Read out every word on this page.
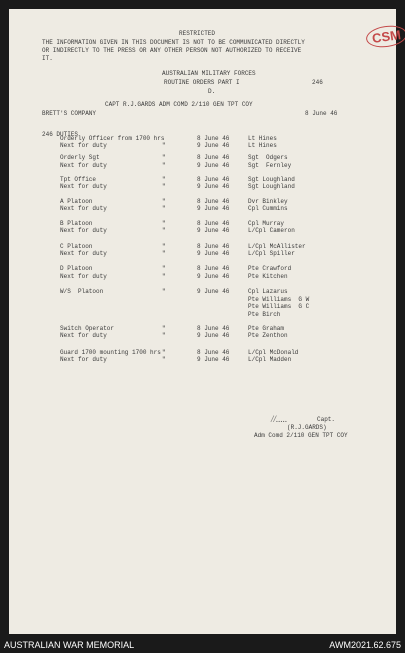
RESTRICTED
THE INFORMATION GIVEN IN THIS DOCUMENT IS NOT TO BE COMMUNICATED DIRECTLY
OR INDIRECTLY TO THE PRESS OR ANY OTHER PERSON NOT AUTHORIZED TO RECEIVE
IT.
CSM
AUSTRALIAN MILITARY FORCES
ROUTINE ORDERS PART I	246
D.
CAPT R.J.GARDS ADM COMD 2/110 GEN TPT COY
BRETT'S COMPANY	8 June 46
246 DUTIES
Orderly Officer from 1700 hrs	8 June 46	Lt Hines
Next for duty	"	9 June 46	Lt Hines
Orderly Sgt	"	8 June 46	Sgt  Odgers
Next for duty	"	9 June 46	Sgt  Fernley
Tpt Office	"	8 June 46	Sgt Loughland
Next for duty	"	9 June 46	Sgt Loughland
A Platoon	"	8 June 46	Dvr Binkley
Next for duty	"	9 June 46	Cpl Cummins
B Platoon	"	8 June 46	Cpl Murray
Next for duty	"	9 June 46	L/Cpl Cameron
C Platoon	"	8 June 46	L/Cpl McAllister
Next for duty	"	9 June 46	L/Cpl Spiller
D Platoon	"	8 June 46	Pte Crawford
Next for duty	"	9 June 46	Pte Kitchen
W/S  Platoon	"	9 June 46	Cpl Lazarus
Pte Williams  G W
Pte Williams  G C
Pte Birch
Switch Operator	"	8 June 46	Pte Graham
Next for duty	"	9 June 46	Pte Zenthon
Guard 1700 mounting 1700 hrs "	8 June 46	L/Cpl McDonald
Next for duty	"	9 June 46	L/Cpl Madden
//.....	Capt.
(R.J.GARDS)
Adm Comd 2/110 GEN TPT COY
AUSTRALIAN WAR MEMORIAL	AWM2021.62.675
